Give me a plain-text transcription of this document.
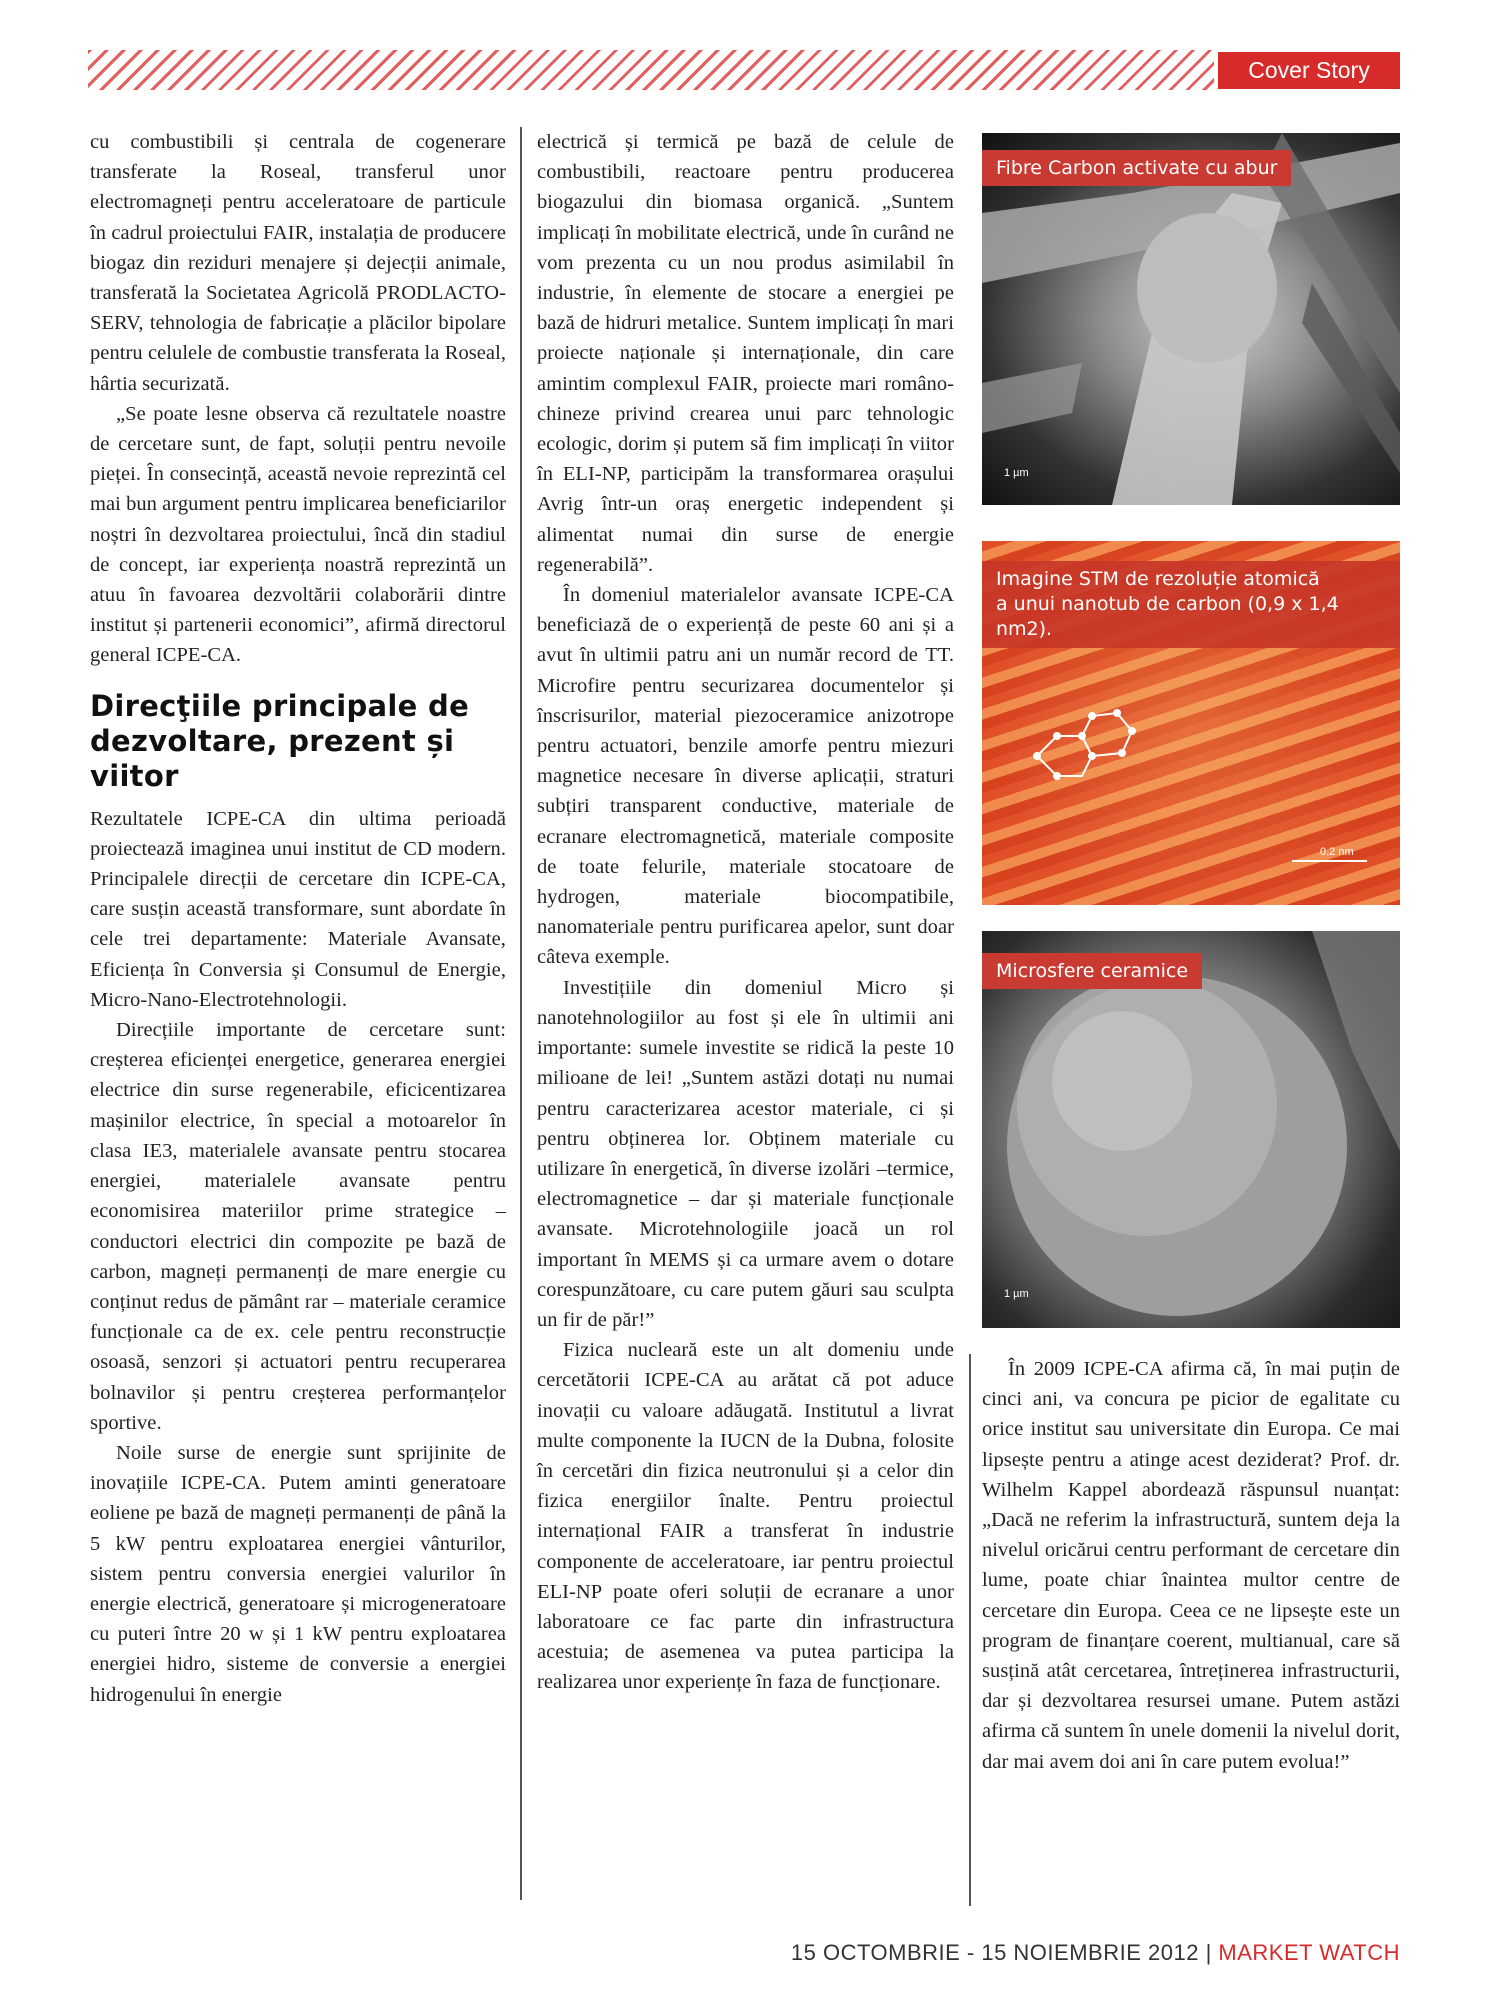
Cover Story

cu combustibili și centrala de cogenerare transferate la Roseal, transferul unor electromagneți pentru acceleratoare de particule în cadrul proiectului FAIR, instalația de producere biogaz din reziduri menajere și dejecții animale, transferată la Societatea Agricolă PRODLACTO-SERV, tehnologia de fabricație a plăcilor bipolare pentru celulele de combustie transferata la Roseal, hârtia securizată.

„Se poate lesne observa că rezultatele noastre de cercetare sunt, de fapt, soluții pentru nevoile pieței. În consecință, această nevoie reprezintă cel mai bun argument pentru implicarea beneficiarilor noștri în dezvoltarea proiectului, încă din stadiul de concept, iar experiența noastră reprezintă un atuu în favoarea dezvoltării colaborării dintre institut și partenerii economici”, afirmă directorul general ICPE-CA.

Direcţiile principale de dezvoltare, prezent și viitor

Rezultatele ICPE-CA din ultima perioadă proiectează imaginea unui institut de CD modern. Principalele direcții de cercetare din ICPE-CA, care susțin această transformare, sunt abordate în cele trei departamente: Materiale Avansate, Eficiența în Conversia și Consumul de Energie, Micro-Nano-Electrotehnologii.

Direcțiile importante de cercetare sunt: creșterea eficienței energetice, generarea energiei electrice din surse regenerabile, eficicentizarea mașinilor electrice, în special a motoarelor în clasa IE3, materialele avansate pentru stocarea energiei, materialele avansate pentru economisirea materiilor prime strategice – conductori electrici din compozite pe bază de carbon, magneți permanenți de mare energie cu conținut redus de pământ rar – materiale ceramice funcționale ca de ex. cele pentru reconstrucție osoasă, senzori și actuatori pentru recuperarea bolnavilor și pentru creșterea performanțelor sportive.

Noile surse de energie sunt sprijinite de inovațiile ICPE-CA. Putem aminti generatoare eoliene pe bază de magneți permanenți de până la 5 kW pentru exploatarea energiei vânturilor, sistem pentru conversia energiei valurilor în energie electrică, generatoare și microgeneratoare cu puteri între 20 w și 1 kW pentru exploatarea energiei hidro, sisteme de conversie a energiei hidrogenului în energie

electrică și termică pe bază de celule de combustibili, reactoare pentru producerea biogazului din biomasa organică. „Suntem implicați în mobilitate electrică, unde în curând ne vom prezenta cu un nou produs asimilabil în industrie, în elemente de stocare a energiei pe bază de hidruri metalice. Suntem implicați în mari proiecte naționale și internaționale, din care amintim complexul FAIR, proiecte mari româno-chineze privind crearea unui parc tehnologic ecologic, dorim și putem să fim implicați în viitor în ELI-NP, participăm la transformarea orașului Avrig într-un oraș energetic independent și alimentat numai din surse de energie regenerabilă”.

În domeniul materialelor avansate ICPE-CA beneficiază de o experiență de peste 60 ani și a avut în ultimii patru ani un număr record de TT. Microfire pentru securizarea documentelor și înscrisurilor, material piezoceramice anizotrope pentru actuatori, benzile amorfe pentru miezuri magnetice necesare în diverse aplicații, straturi subțiri transparent conductive, materiale de ecranare electromagnetică, materiale composite de toate felurile, materiale stocatoare de hydrogen, materiale biocompatibile, nanomateriale pentru purificarea apelor, sunt doar câteva exemple.

Investițiile din domeniul Micro și nanotehnologiilor au fost și ele în ultimii ani importante: sumele investite se ridică la peste 10 milioane de lei! „Suntem astăzi dotați nu numai pentru caracterizarea acestor materiale, ci și pentru obținerea lor. Obținem materiale cu utilizare în energetică, în diverse izolări –termice, electromagnetice – dar și materiale funcționale avansate. Microtehnologiile joacă un rol important în MEMS și ca urmare avem o dotare corespunzătoare, cu care putem găuri sau sculpta un fir de păr!”

Fizica nucleară este un alt domeniu unde cercetătorii ICPE-CA au arătat că pot aduce inovații cu valoare adăugată. Institutul a livrat multe componente la IUCN de la Dubna, folosite în cercetări din fizica neutronului și a celor din fizica energiilor înalte. Pentru proiectul internațional FAIR a transferat în industrie componente de acceleratoare, iar pentru proiectul ELI-NP poate oferi soluții de ecranare a unor laboratoare ce fac parte din infrastructura acestuia; de asemenea va putea participa la realizarea unor experiențe în faza de funcționare.

Fibre Carbon activate cu abur
1 µm
Imagine STM de rezoluție atomică
a unui nanotub de carbon (0,9 x 1,4 nm2).
0,2 nm
Microsfere ceramice
1 µm

În 2009 ICPE-CA afirma că, în mai puțin de cinci ani, va concura pe picior de egalitate cu orice institut sau universitate din Europa. Ce mai lipsește pentru a atinge acest deziderat? Prof. dr. Wilhelm Kappel abordează răspunsul nuanțat: „Dacă ne referim la infrastructură, suntem deja la nivelul oricărui centru performant de cercetare din lume, poate chiar înaintea multor centre de cercetare din Europa. Ceea ce ne lipsește este un program de finanțare coerent, multianual, care să susțină atât cercetarea, întreținerea infrastructurii, dar și dezvoltarea resursei umane. Putem astăzi afirma că suntem în unele domenii la nivelul dorit, dar mai avem doi ani în care putem evolua!”

15 OCTOMBRIE - 15 NOIEMBRIE 2012 | MARKET WATCH
